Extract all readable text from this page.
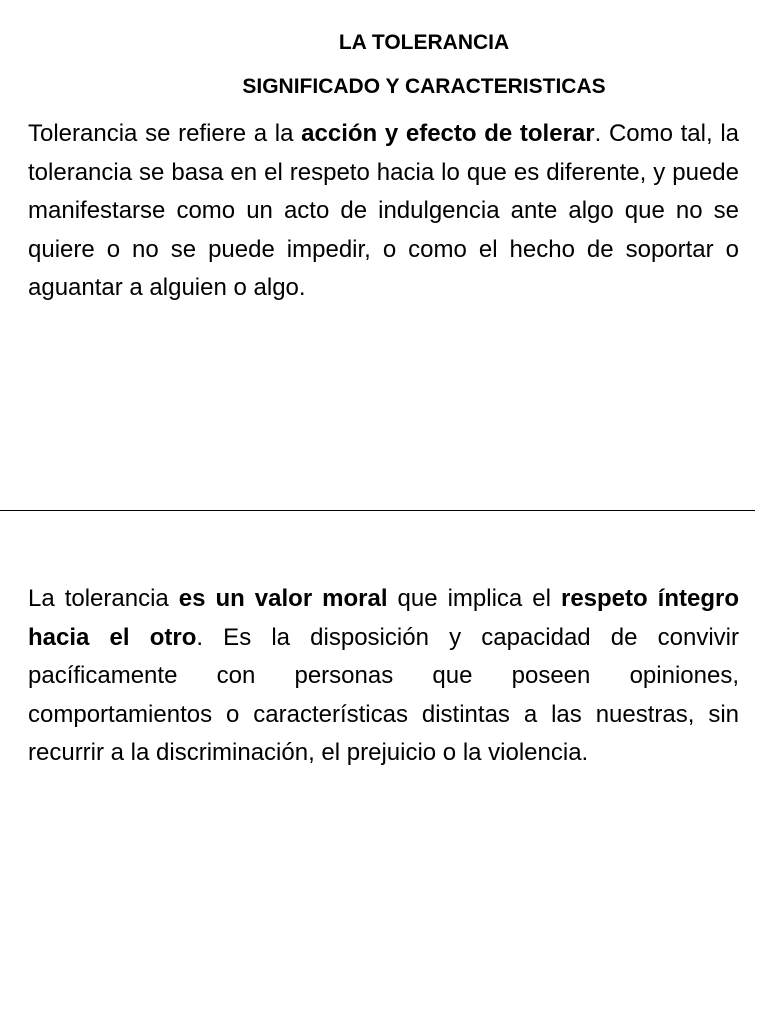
LA TOLERANCIA
SIGNIFICADO Y CARACTERISTICAS

Tolerancia se refiere a la acción y efecto de tolerar. Como tal, la tolerancia se basa en el respeto hacia lo que es diferente, y puede manifestarse como un acto de indulgencia ante algo que no se quiere o no se puede impedir, o como el hecho de soportar o aguantar a alguien o algo.

La tolerancia es un valor moral que implica el respeto íntegro hacia el otro. Es la disposición y capacidad de convivir pacíficamente con personas que poseen opiniones, comportamientos o características distintas a las nuestras, sin recurrir a la discriminación, el prejuicio o la violencia.
